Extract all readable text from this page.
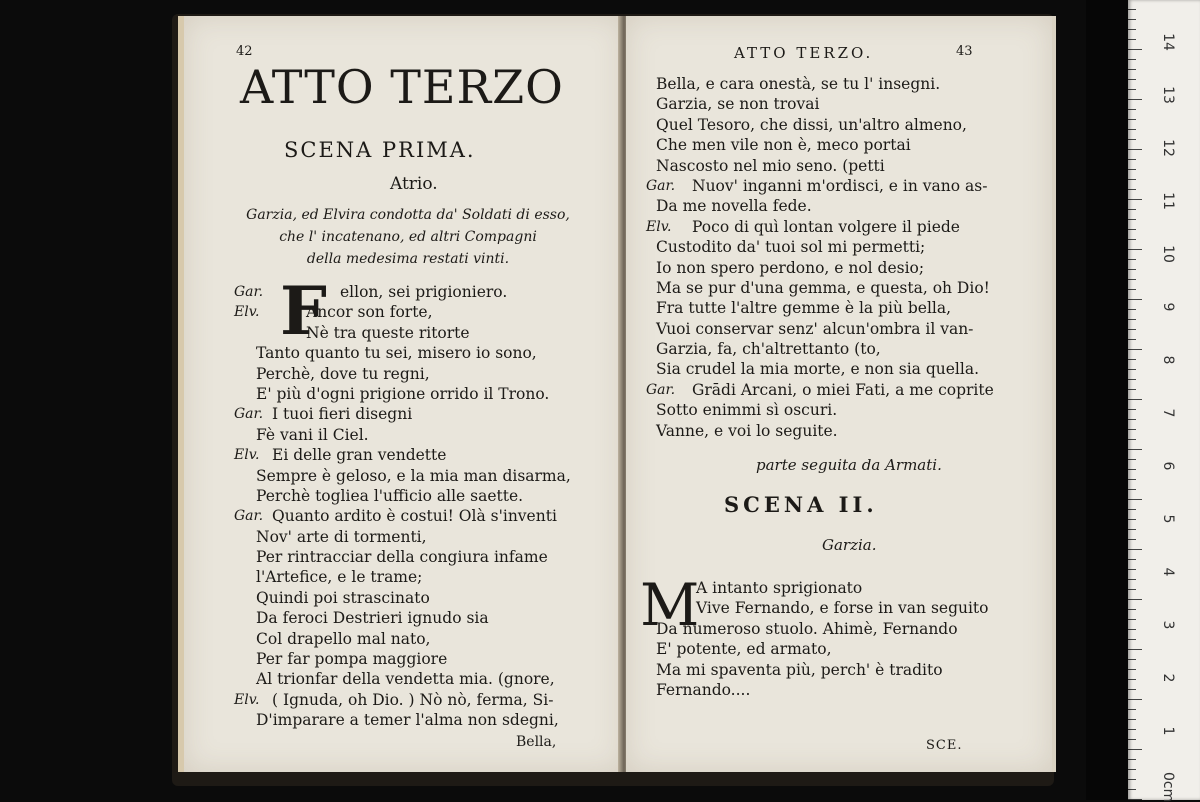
42
ATTO TERZO
SCENA PRIMA.
Atrio.
Garzia, ed Elvira condotta da' Soldati di esso,
che l' incatenano, ed altri Compagni
della medesima restati vinti.
F
Gar.	ellon, sei prigioniero.
Elv.	Ancor son forte,
Nè tra queste ritorte
Tanto quanto tu sei, misero io sono,
Perchè, dove tu regni,
E' più d'ogni prigione orrido il Trono.
Gar. I tuoi fieri disegni
Fè vani il Ciel.
Elv. Ei delle gran vendette
Sempre è geloso, e la mia man disarma,
Perchè togliea l'ufficio alle saette.
Gar. Quanto ardito è costui! Olà s'inventi
Nov' arte di tormenti,
Per rintracciar della congiura infame
l'Artefice, e le trame;
Quindi poi strascinato
Da feroci Destrieri ignudo sia
Col drapello mal nato,
Per far pompa maggiore
Al trionfar della vendetta mia. (gnore,
Elv. ( Ignuda, oh Dio. ) Nò nò, ferma, Si-
D'imparare a temer l'alma non sdegni,
Bella,
ATTO TERZO.	43
Bella, e cara onestà, se tu l' insegni.
Garzia, se non trovai
Quel Tesoro, che dissi, un'altro almeno,
Che men vile non è, meco portai
Nascosto nel mio seno. (petti
Gar.	Nuov' inganni m'ordisci, e in vano as-
Da me novella fede.
Elv.	Poco di quì lontan volgere il piede
Custodito da' tuoi sol mi permetti;
Io non spero perdono, e nol desio;
Ma se pur d'una gemma, e questa, oh Dio!
Fra tutte l'altre gemme è la più bella,
Vuoi conservar senz' alcun'ombra il van-
Garzia, fa, ch'altrettanto (to,
Sia crudel la mia morte, e non sia quella.
Gar.	Grādi Arcani, o miei Fati, a me coprite
Sotto enimmi sì oscuri.
Vanne, e voi lo seguite.
parte seguita da Armati.
SCENA II.
Garzia.
M
A intanto sprigionato
Vive Fernando, e forse in van seguito
Da numeroso stuolo. Ahimè, Fernando
E' potente, ed armato,
Ma mi spaventa più, perch' è tradito
Fernando....
SCE.
14
13
12
11
10
9
8
7
6
5
4
3
2
1
0cm
